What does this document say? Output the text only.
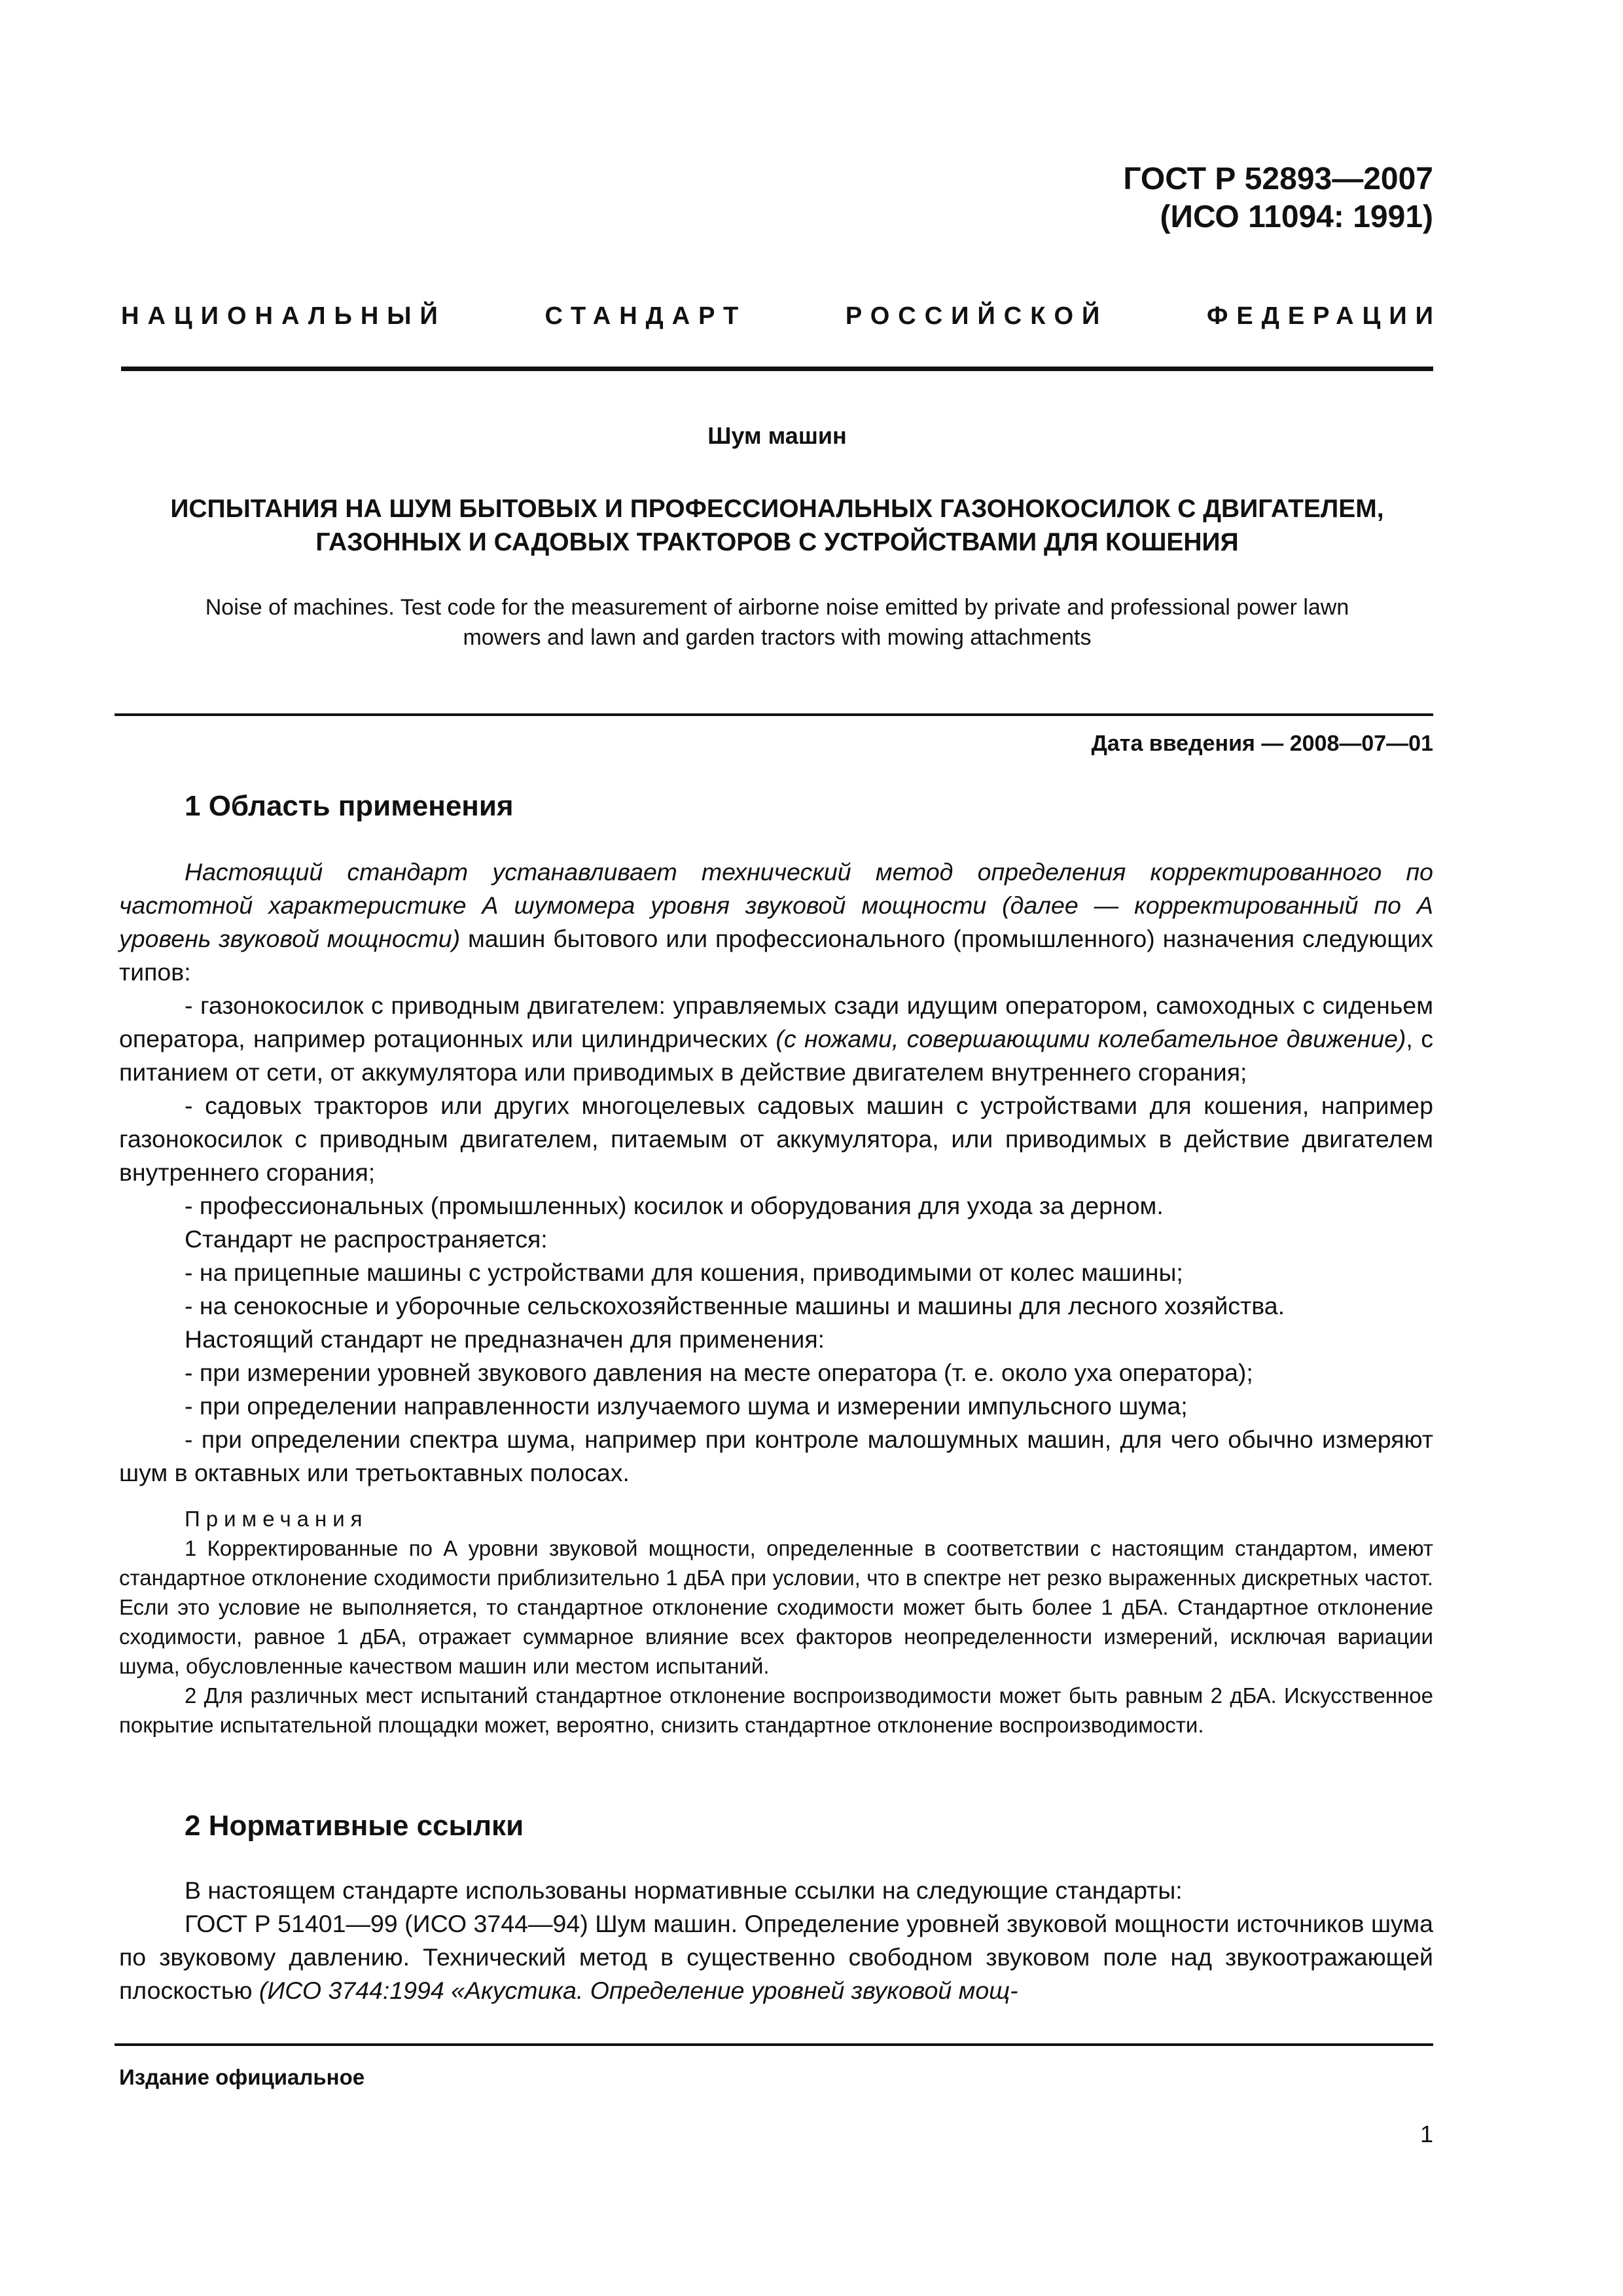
ГОСТ Р 52893—2007
(ИСО 11094: 1991)
НАЦИОНАЛЬНЫЙ	СТАНДАРТ	РОССИЙСКОЙ	ФЕДЕРАЦИИ
Шум машин
ИСПЫТАНИЯ НА ШУМ БЫТОВЫХ И ПРОФЕССИОНАЛЬНЫХ ГАЗОНОКОСИЛОК С ДВИГАТЕЛЕМ,
ГАЗОННЫХ И САДОВЫХ ТРАКТОРОВ С УСТРОЙСТВАМИ ДЛЯ КОШЕНИЯ
Noise of machines. Test code for the measurement of airborne noise emitted by private and professional power lawn
mowers and lawn and garden tractors with mowing attachments
Дата введения — 2008—07—01
1 Область применения

Настоящий стандарт устанавливает технический метод определения корректированного по частотной характеристике А шумомера уровня звуковой мощности (далее — корректированный по А уровень звуковой мощности) машин бытового или профессионального (промышленного) назначения следующих типов:

- газонокосилок с приводным двигателем: управляемых сзади идущим оператором, самоходных с сиденьем оператора, например ротационных или цилиндрических (с ножами, совершающими колебательное движение), с питанием от сети, от аккумулятора или приводимых в действие двигателем внутреннего сгорания;

- садовых тракторов или других многоцелевых садовых машин с устройствами для кошения, например газонокосилок с приводным двигателем, питаемым от аккумулятора, или приводимых в действие двигателем внутреннего сгорания;

- профессиональных (промышленных) косилок и оборудования для ухода за дерном.

Стандарт не распространяется:

- на прицепные машины с устройствами для кошения, приводимыми от колес машины;

- на сенокосные и уборочные сельскохозяйственные машины и машины для лесного хозяйства.

Настоящий стандарт не предназначен для применения:

- при измерении уровней звукового давления на месте оператора (т. е. около уха оператора);

- при определении направленности излучаемого шума и измерении импульсного шума;

- при определении спектра шума, например при контроле малошумных машин, для чего обычно измеряют шум в октавных или третьоктавных полосах.

Примечания

1 Корректированные по А уровни звуковой мощности, определенные в соответствии с настоящим стандартом, имеют стандартное отклонение сходимости приблизительно 1 дБА при условии, что в спектре нет резко выраженных дискретных частот. Если это условие не выполняется, то стандартное отклонение сходимости может быть более 1 дБА. Стандартное отклонение сходимости, равное 1 дБА, отражает суммарное влияние всех факторов неопределенности измерений, исключая вариации шума, обусловленные качеством машин или местом испытаний.

2 Для различных мест испытаний стандартное отклонение воспроизводимости может быть равным 2 дБА. Искусственное покрытие испытательной площадки может, вероятно, снизить стандартное отклонение воспроизводимости.

2 Нормативные ссылки

В настоящем стандарте использованы нормативные ссылки на следующие стандарты:

ГОСТ Р 51401—99 (ИСО 3744—94) Шум машин. Определение уровней звуковой мощности источников шума по звуковому давлению. Технический метод в существенно свободном звуковом поле над звукоотражающей плоскостью (ИСО 3744:1994 «Акустика. Определение уровней звуковой мощ-

Издание официальное
1
